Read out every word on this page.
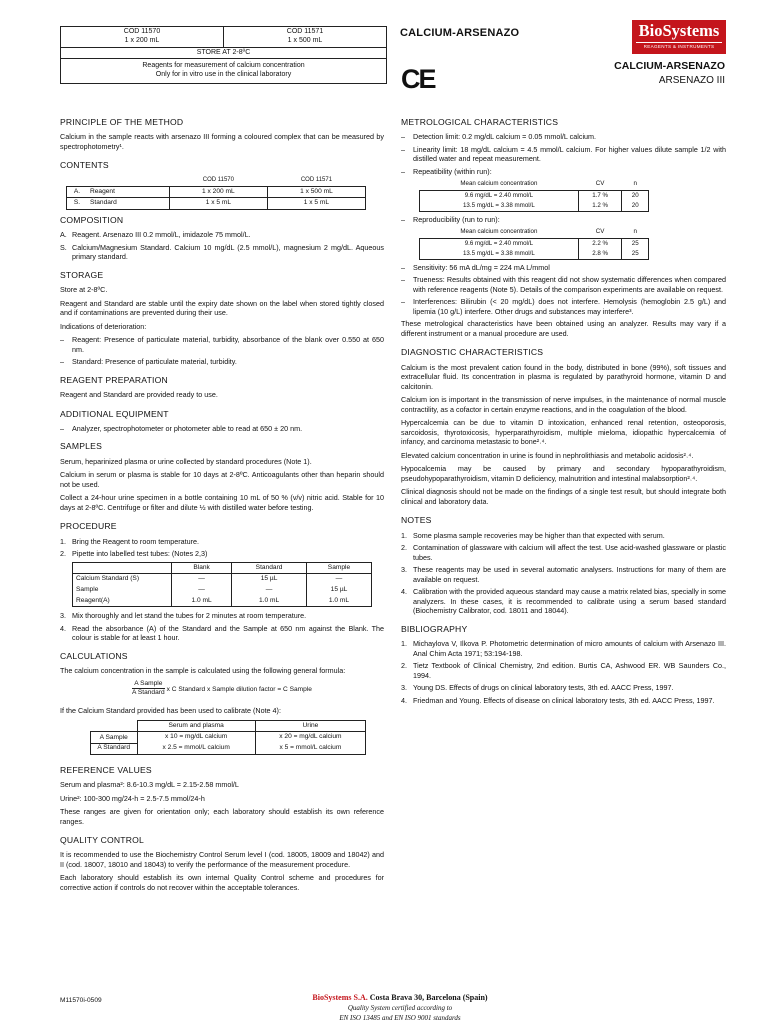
COD 11570
1 x 200 mL

COD 11571
1 x 500 mL

STORE AT 2-8ºC

Reagents for measurement of calcium concentration
Only for in vitro use in the clinical laboratory
CALCIUM-ARSENAZO	BioSystems
REAGENTS & INSTRUMENTS
CE	CALCIUM-ARSENAZO
ARSENAZO III
PRINCIPLE OF THE METHOD

Calcium in the sample reacts with arsenazo III forming a coloured complex that can be measured by spectrophotometry¹.

CONTENTS
		COD 11570	COD 11571
A.	Reagent	1 x 200 mL	1 x 500 mL
S.	Standard	1 x 5 mL	1 x 5 mL
COMPOSITION
A. Reagent. Arsenazo III 0.2 mmol/L, imidazole 75 mmol/L.
S. Calcium/Magnesium Standard. Calcium 10 mg/dL (2.5 mmol/L), magnesium 2 mg/dL. Aqueous primary standard.
STORAGE

Store at 2-8ºC.

Reagent and Standard are stable until the expiry date shown on the label when stored tightly closed and if contaminations are prevented during their use.

Indications of deterioration:

–	Reagent: Presence of particulate material, turbidity, absorbance of the blank over 0.550 at 650 nm.
–	Standard: Presence of particulate material, turbidity.
REAGENT PREPARATION

Reagent and Standard are provided ready to use.

ADDITIONAL EQUIPMENT
–	Analyzer, spectrophotometer or photometer able to read at 650 ± 20 nm.
SAMPLES

Serum, heparinized plasma or urine collected by standard procedures (Note 1).

Calcium in serum or plasma is stable for 10 days at 2-8ºC. Anticoagulants other than heparin should not be used.

Collect a 24-hour urine specimen in a bottle containing 10 mL of 50 % (v/v) nitric acid. Stable for 10 days at 2-8ºC. Centrifuge or filter and dilute ½ with distilled water before testing.

PROCEDURE
1. Bring the Reagent to room temperature.
2. Pipette into labelled test tubes: (Notes 2,3)
	Blank	Standard	Sample
Calcium Standard (S)	—	15 µL	—
Sample	—	—	15 µL
Reagent(A)	1.0 mL	1.0 mL	1.0 mL
3. Mix thoroughly and let stand the tubes for 2 minutes at room temperature.
4. Read the absorbance (A) of the Standard and the Sample at 650 nm against the Blank. The colour is stable for at least 1 hour.
CALCULATIONS

The calcium concentration in the sample is calculated using the following general formula:

$\frac{\text{A Sample}}{\text{A Standard}}$ x C Standard x Sample dilution factor = C Sample

If the Calcium Standard provided has been used to calibrate (Note 4):

	Serum and plasma	Urine

A Sample
A Standard	x 10 = mg/dL calcium	x 20 = mg/dL calcium
	x 2.5 = mmol/L calcium	x 5 = mmol/L calcium
REFERENCE VALUES

Serum and plasma²: 8.6-10.3 mg/dL = 2.15-2.58 mmol/L

Urine²: 100-300 mg/24-h = 2.5-7.5 mmol/24-h

These ranges are given for orientation only; each laboratory should establish its own reference ranges.

QUALITY CONTROL

It is recommended to use the Biochemistry Control Serum level I (cod. 18005, 18009 and 18042) and II (cod. 18007, 18010 and 18043) to verify the performance of the measurement procedure.

Each laboratory should establish its own internal Quality Control scheme and procedures for corrective action if controls do not recover within the acceptable tolerances.

METROLOGICAL CHARACTERISTICS
–	Detection limit: 0.2 mg/dL calcium = 0.05 mmol/L calcium.
–	Linearity limit: 18 mg/dL calcium = 4.5 mmol/L calcium. For higher values dilute sample 1/2 with distilled water and repeat measurement.
–	Repeatibility (within run):
Mean calcium concentration	CV	n
9.6 mg/dL = 2.40 mmol/L	1.7 %	20
13.5 mg/dL = 3.38 mmol/L	1.2 %	20
–	Reproducibility (run to run):
Mean calcium concentration	CV	n
9.6 mg/dL = 2.40 mmol/L	2.2 %	25
13.5 mg/dL = 3.38 mmol/L	2.8 %	25
–	Sensitivity: 56 mA dL/mg = 224 mA L/mmol
–	Trueness: Results obtained with this reagent did not show systematic differences when compared with reference reagents (Note 5). Details of the comparison experiments are available on request.
–	Interferences: Bilirubin (< 20 mg/dL) does not interfere. Hemolysis (hemoglobin 2.5 g/L) and lipemia (10 g/L) interfere. Other drugs and substances may interfere³.

These metrological characteristics have been obtained using an analyzer. Results may vary if a different instrument or a manual procedure are used.

DIAGNOSTIC CHARACTERISTICS

Calcium is the most prevalent cation found in the body, distributed in bone (99%), soft tissues and extracellular fluid. Its concentration in plasma is regulated by parathyroid hormone, vitamin D and calcitonin.

Calcium ion is important in the transmission of nerve impulses, in the maintenance of normal muscle contractility, as a cofactor in certain enzyme reactions, and in the coagulation of the blood.

Hypercalcemia can be due to vitamin D intoxication, enhanced renal retention, osteoporosis, sarcoidosis, thyrotoxicosis, hyperparathyroidism, multiple mieloma, idiopathic hypercalcemia of infancy, and carcinoma metastasic to bone²˒⁴.

Elevated calcium concentration in urine is found in nephrolithiasis and metabolic acidosis²˒⁴.

Hypocalcemia may be caused by primary and secondary hypoparathyroidism, pseudohypoparathyroidism, vitamin D deficiency, malnutrition and intestinal malabsorption²˒⁴.

Clinical diagnosis should not be made on the findings of a single test result, but should integrate both clinical and laboratory data.

NOTES
1. Some plasma sample recoveries may be higher than that expected with serum.
2. Contamination of glassware with calcium will affect the test. Use acid-washed glassware or plastic tubes.
3. These reagents may be used in several automatic analysers. Instructions for many of them are available on request.
4. Calibration with the provided aqueous standard may cause a matrix related bias, specially in some analyzers. In these cases, it is recommended to calibrate using a serum based standard (Biochemistry Calibrator, cod. 18011 and 18044).
BIBLIOGRAPHY
1. Michaylova V, Ilkova P. Photometric determination of micro amounts of calcium with Arsenazo III. Anal Chim Acta 1971; 53:194-198.
2. Tietz Textbook of Clinical Chemistry, 2nd edition. Burtis CA, Ashwood ER. WB Saunders Co., 1994.
3. Young DS. Effects of drugs on clinical laboratory tests, 3th ed. AACC Press, 1997.
4. Friedman and Young. Effects of disease on clinical laboratory tests, 3th ed. AACC Press, 1997.
M11570i-0509	BioSystems S.A. Costa Brava 30, Barcelona (Spain)
Quality System certified according to
EN ISO 13485 and EN ISO 9001 standards
